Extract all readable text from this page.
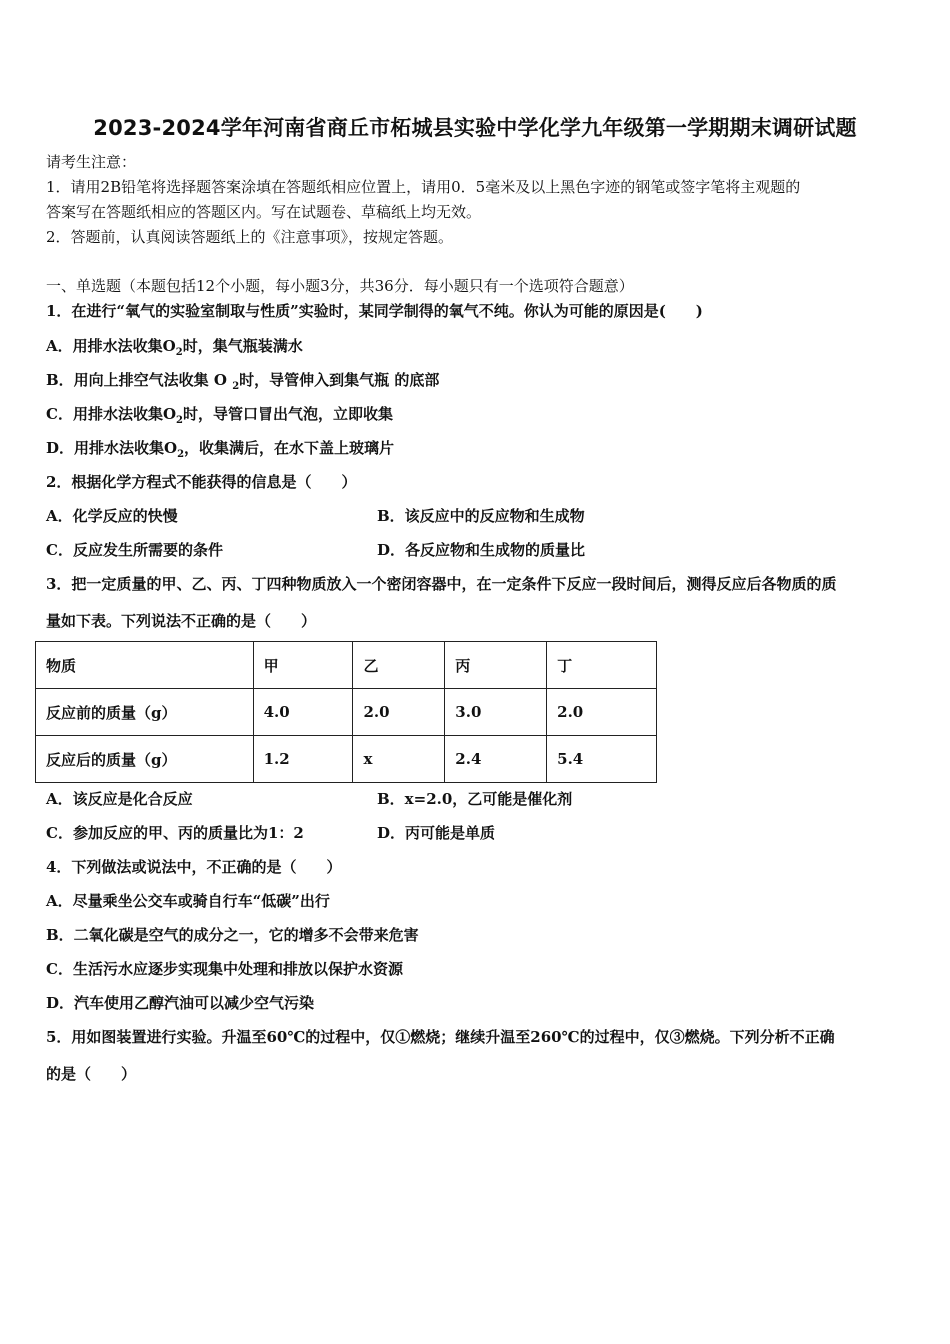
2023-2024学年河南省商丘市柘城县实验中学化学九年级第一学期期末调研试题
请考生注意：
1．请用2B铅笔将选择题答案涂填在答题纸相应位置上，请用0．5毫米及以上黑色字迹的钢笔或签字笔将主观题的
答案写在答题纸相应的答题区内。写在试题卷、草稿纸上均无效。
2．答题前，认真阅读答题纸上的《注意事项》，按规定答题。
一、单选题（本题包括12个小题，每小题3分，共36分．每小题只有一个选项符合题意）
1．在进行“氧气的实验室制取与性质”实验时，某同学制得的氧气不纯。你认为可能的原因是(　　)
A．用排水法收集$O_2$时，集气瓶装满水
B．用向上排空气法收集 O $_2$时，导管伸入到集气瓶 的底部
C．用排水法收集$O_2$时，导管口冒出气泡，立即收集
D．用排水法收集$O_2$，收集满后，在水下盖上玻璃片
2．根据化学方程式不能获得的信息是（　　）
A．化学反应的快慢	B．该反应中的反应物和生成物
C．反应发生所需要的条件	D．各反应物和生成物的质量比
3．把一定质量的甲、乙、丙、丁四种物质放入一个密闭容器中，在一定条件下反应一段时间后，测得反应后各物质的质
量如下表。下列说法不正确的是（　　）
物质	甲	乙	丙	丁
反应前的质量（g）	4.0	2.0	3.0	2.0
反应后的质量（g）	1.2	x	2.4	5.4
A．该反应是化合反应	B．x=2.0，乙可能是催化剂
C．参加反应的甲、丙的质量比为1：2	D．丙可能是单质
4．下列做法或说法中，不正确的是（　　）
A．尽量乘坐公交车或骑自行车“低碳”出行
B．二氧化碳是空气的成分之一，它的增多不会带来危害
C．生活污水应逐步实现集中处理和排放以保护水资源
D．汽车使用乙醇汽油可以减少空气污染
5．用如图装置进行实验。升温至60℃的过程中，仅①燃烧；继续升温至260℃的过程中，仅③燃烧。下列分析不正确
的是（　　）
